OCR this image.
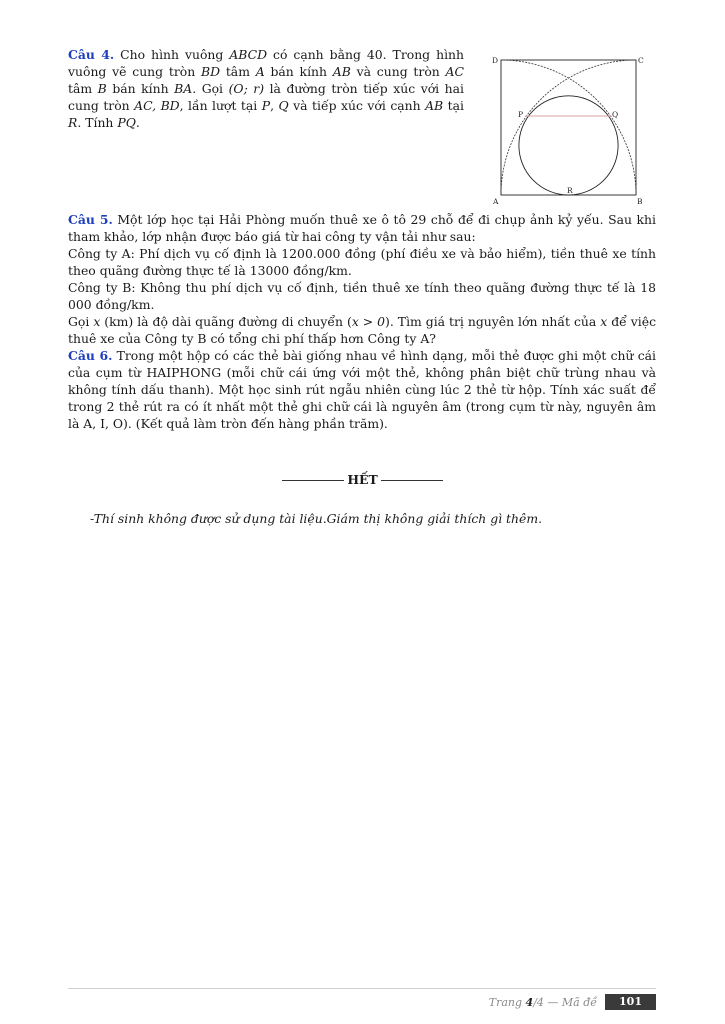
Câu 4. Cho hình vuông ABCD có cạnh bằng 40. Trong hình vuông vẽ cung tròn BD tâm A bán kính AB và cung tròn AC tâm B bán kính BA. Gọi (O; r) là đường tròn tiếp xúc với hai cung tròn AC, BD, lần lượt tại P, Q và tiếp xúc với cạnh AB tại R. Tính PQ.
A	B
C
D
P	Q
R

Câu 5. Một lớp học tại Hải Phòng muốn thuê xe ô tô 29 chỗ để đi chụp ảnh kỷ yếu. Sau khi tham khảo, lớp nhận được báo giá từ hai công ty vận tải như sau:

Công ty A: Phí dịch vụ cố định là 1200.000 đồng (phí điều xe và bảo hiểm), tiền thuê xe tính theo quãng đường thực tế là 13000 đồng/km.

Công ty B: Không thu phí dịch vụ cố định, tiền thuê xe tính theo quãng đường thực tế là 18 000 đồng/km.

Gọi x (km) là độ dài quãng đường di chuyển (x > 0). Tìm giá trị nguyên lớn nhất của x để việc thuê xe của Công ty B có tổng chi phí thấp hơn Công ty A?

Câu 6. Trong một hộp có các thẻ bài giống nhau về hình dạng, mỗi thẻ được ghi một chữ cái của cụm từ HAIPHONG (mỗi chữ cái ứng với một thẻ, không phân biệt chữ trùng nhau và không tính dấu thanh). Một học sinh rút ngẫu nhiên cùng lúc 2 thẻ từ hộp. Tính xác suất để trong 2 thẻ rút ra có ít nhất một thẻ ghi chữ cái là nguyên âm (trong cụm từ này, nguyên âm là A, I, O). (Kết quả làm tròn đến hàng phần trăm).

HẾT
-Thí sinh không được sử dụng tài liệu.Giám thị không giải thích gì thêm.
Trang
4 /4 — Mã đề	101
